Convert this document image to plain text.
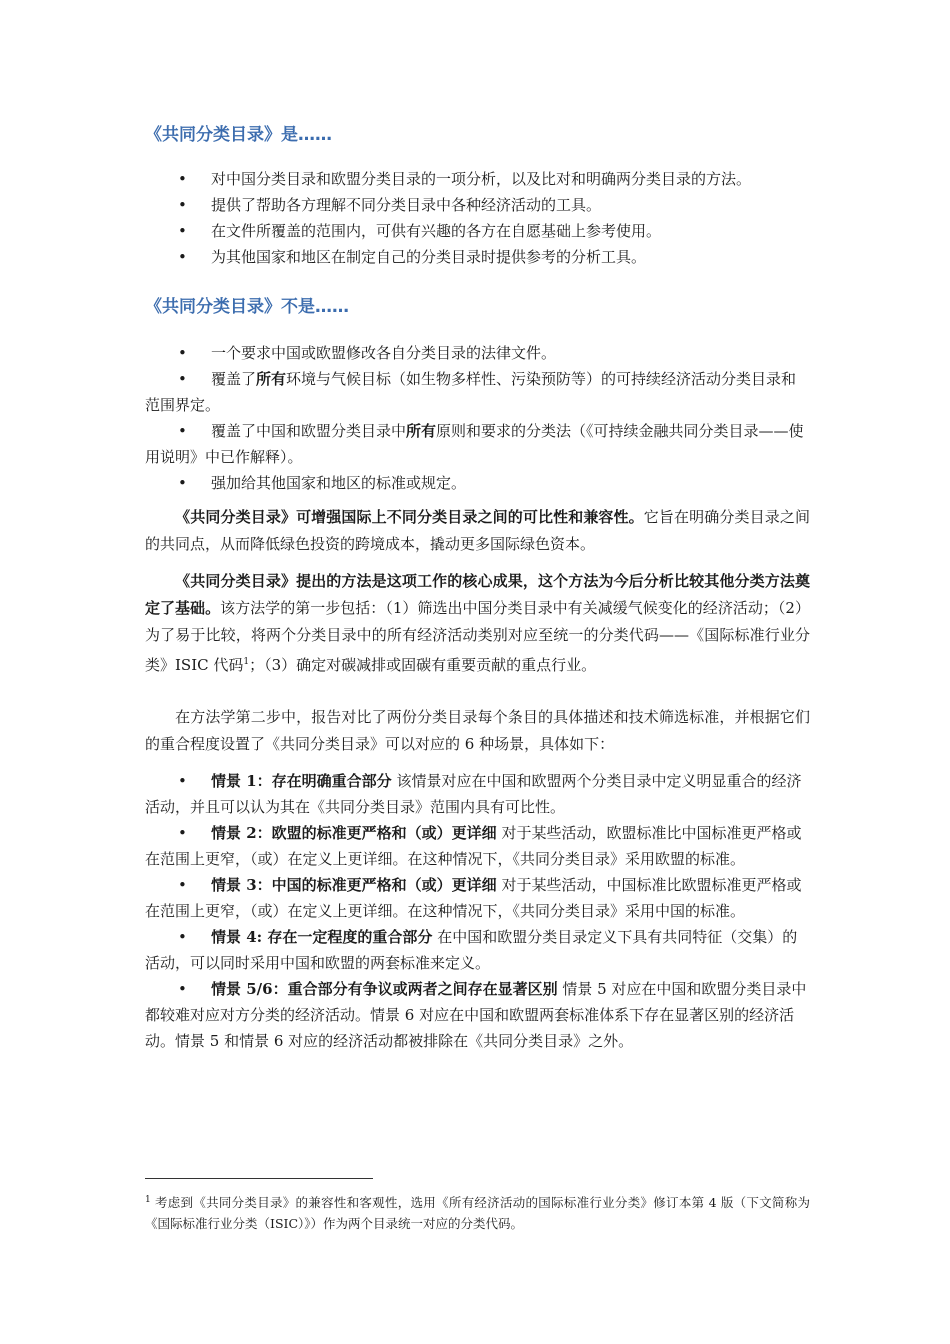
《共同分类目录》是……
• 对中国分类目录和欧盟分类目录的一项分析，以及比对和明确两分类目录的方法。
• 提供了帮助各方理解不同分类目录中各种经济活动的工具。
• 在文件所覆盖的范围内，可供有兴趣的各方在自愿基础上参考使用。
• 为其他国家和地区在制定自己的分类目录时提供参考的分析工具。
《共同分类目录》不是……
• 一个要求中国或欧盟修改各自分类目录的法律文件。
• 覆盖了所有环境与气候目标（如生物多样性、污染预防等）的可持续经济活动分类目录和范围界定。
• 覆盖了中国和欧盟分类目录中所有原则和要求的分类法（《可持续金融共同分类目录——使用说明》中已作解释）。
• 强加给其他国家和地区的标准或规定。

《共同分类目录》可增强国际上不同分类目录之间的可比性和兼容性。它旨在明确分类目录之间的共同点，从而降低绿色投资的跨境成本，撬动更多国际绿色资本。

《共同分类目录》提出的方法是这项工作的核心成果，这个方法为今后分析比较其他分类方法奠定了基础。该方法学的第一步包括：（1）筛选出中国分类目录中有关减缓气候变化的经济活动；（2）为了易于比较，将两个分类目录中的所有经济活动类别对应至统一的分类代码——《国际标准行业分类》ISIC 代码$^1$；（3）确定对碳减排或固碳有重要贡献的重点行业。

在方法学第二步中，报告对比了两份分类目录每个条目的具体描述和技术筛选标准，并根据它们的重合程度设置了《共同分类目录》可以对应的 6 种场景，具体如下：

• 情景 1：存在明确重合部分 该情景对应在中国和欧盟两个分类目录中定义明显重合的经济活动，并且可以认为其在《共同分类目录》范围内具有可比性。
• 情景 2：欧盟的标准更严格和（或）更详细 对于某些活动，欧盟标准比中国标准更严格或在范围上更窄，（或）在定义上更详细。在这种情况下，《共同分类目录》采用欧盟的标准。
• 情景 3：中国的标准更严格和（或）更详细 对于某些活动，中国标准比欧盟标准更严格或在范围上更窄，（或）在定义上更详细。在这种情况下，《共同分类目录》采用中国的标准。
• 情景 4: 存在一定程度的重合部分 在中国和欧盟分类目录定义下具有共同特征（交集）的活动，可以同时采用中国和欧盟的两套标准来定义。
• 情景 5/6：重合部分有争议或两者之间存在显著区别 情景 5 对应在中国和欧盟分类目录中都较难对应对方分类的经济活动。情景 6 对应在中国和欧盟两套标准体系下存在显著区别的经济活动。情景 5 和情景 6 对应的经济活动都被排除在《共同分类目录》之外。
$^1$ 考虑到《共同分类目录》的兼容性和客观性，选用《所有经济活动的国际标准行业分类》修订本第 4 版（下文简称为《国际标准行业分类（ISIC）》）作为两个目录统一对应的分类代码。
